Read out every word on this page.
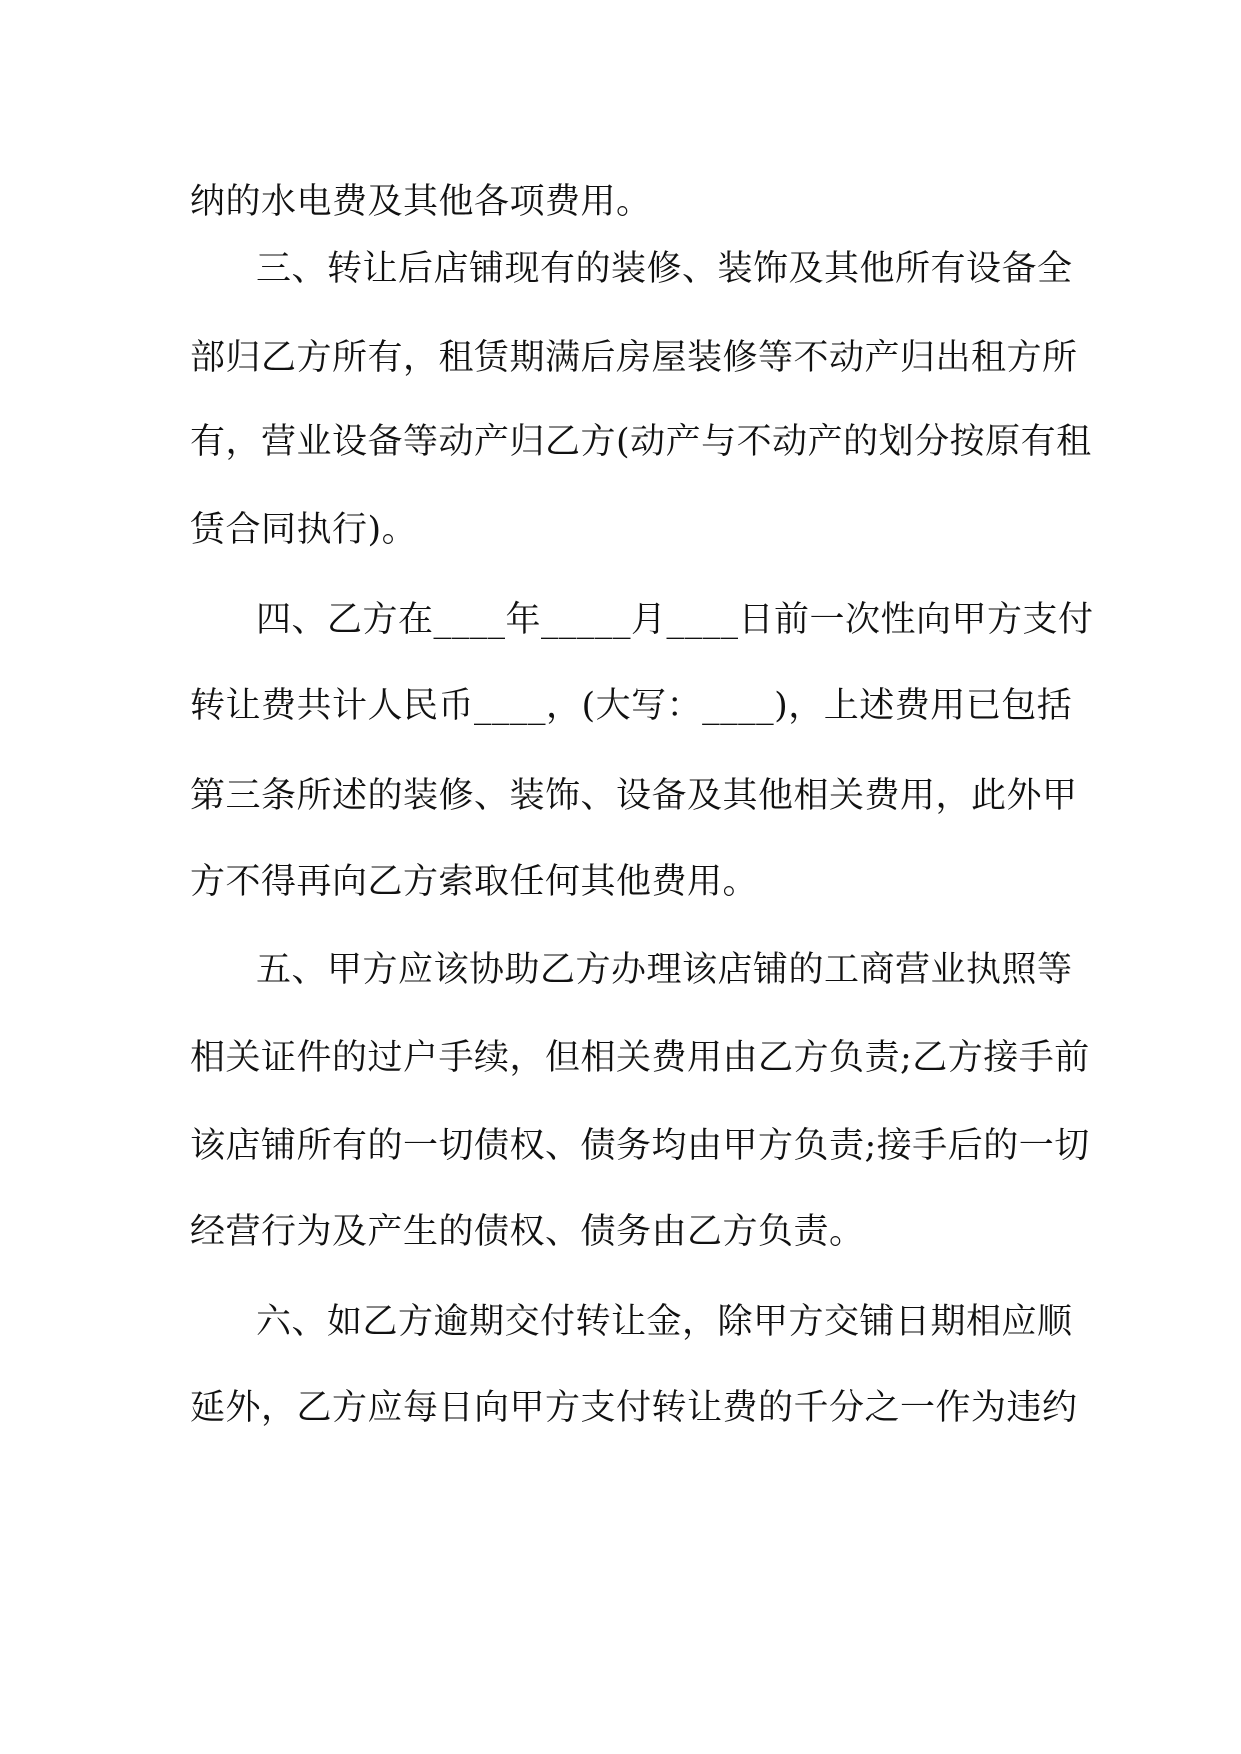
纳的水电费及其他各项费用。
三、转让后店铺现有的装修、装饰及其他所有设备全
部归乙方所有，租赁期满后房屋装修等不动产归出租方所
有，营业设备等动产归乙方(动产与不动产的划分按原有租
赁合同执行)。
四、乙方在____年_____月____日前一次性向甲方支付
转让费共计人民币____，(大写：____)，上述费用已包括
第三条所述的装修、装饰、设备及其他相关费用，此外甲
方不得再向乙方索取任何其他费用。
五、甲方应该协助乙方办理该店铺的工商营业执照等
相关证件的过户手续，但相关费用由乙方负责;乙方接手前
该店铺所有的一切债权、债务均由甲方负责;接手后的一切
经营行为及产生的债权、债务由乙方负责。
六、如乙方逾期交付转让金，除甲方交铺日期相应顺
延外，乙方应每日向甲方支付转让费的千分之一作为违约
